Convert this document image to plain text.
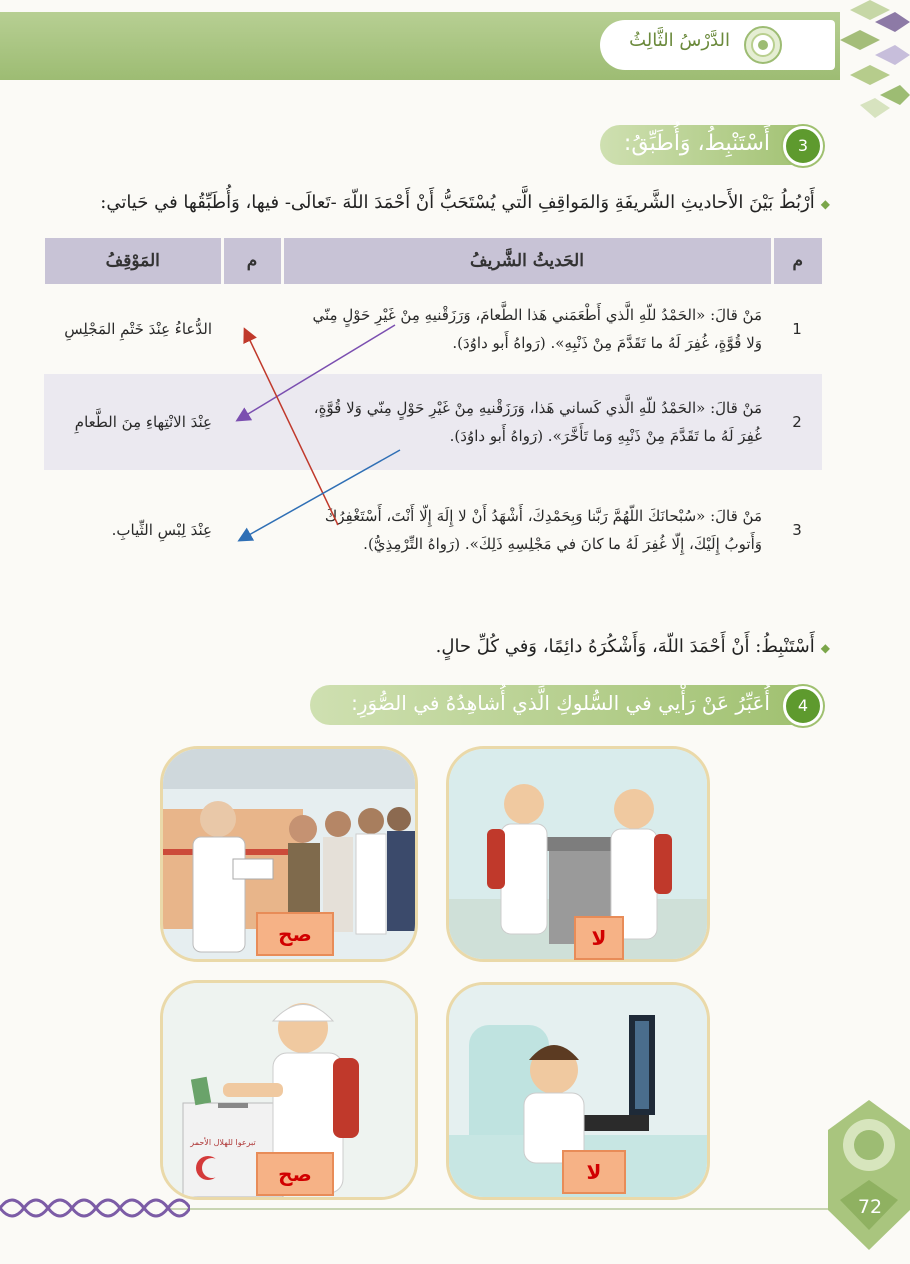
الدَّرْسُ الثَّالِثُ
3
أَسْتَنْبِطُ، وَأُطَبِّقُ:
◆أَرْبُطُ بَيْنَ الأَحاديثِ الشَّريفَةِ وَالمَواقِفِ الَّتي يُسْتَحَبُّ أَنْ أَحْمَدَ اللّهَ -تَعالَى- فيها، وَأُطَبِّقُها في حَياتي:
م	الحَديثُ الشَّريفُ	م	المَوْقِفُ
1	مَنْ قالَ: «الحَمْدُ للّهِ الَّذي أَطْعَمَني هَذا الطَّعامَ، وَرَزَقْنيهِ مِنْ غَيْرِ حَوْلٍ مِنّي وَلا قُوَّةٍ، غُفِرَ لَهُ ما تَقَدَّمَ مِنْ ذَنْبِهِ». (رَواهُ أَبو داوُدَ).		الدُّعاءُ عِنْدَ خَتْمِ المَجْلِسِ
2	مَنْ قالَ: «الحَمْدُ للّهِ الَّذي كَساني هَذا، وَرَزَقْنيهِ مِنْ غَيْرِ حَوْلٍ مِنّي وَلا قُوَّةٍ، غُفِرَ لَهُ ما تَقَدَّمَ مِنْ ذَنْبِهِ وَما تَأَخَّرَ». (رَواهُ أَبو داوُدَ).		عِنْدَ الانْتِهاءِ مِنَ الطَّعامِ
3	مَنْ قالَ: «سُبْحانَكَ اللّهُمَّ رَبَّنا وَبِحَمْدِكَ، أَشْهَدُ أَنْ لا إِلَهَ إِلّا أَنْتَ، أَسْتَغْفِرُكَ وَأَتوبُ إِلَيْكَ، إِلّا غُفِرَ لَهُ ما كانَ في مَجْلِسِهِ ذَلِكَ». (رَواهُ التِّرْمِذِيُّ).		عِنْدَ لِبْسِ الثِّيابِ.
◆أَسْتَنْبِطُ: أَنْ أَحْمَدَ اللّهَ، وَأَشْكُرَهُ دائِمًا، وَفي كُلِّ حالٍ.
4
أُعَبِّرُ عَنْ رَأْيي في السُّلوكِ الَّذي أُشاهِدُهُ في الصُّوَرِ:
لا
صح
لا
صح
تبرعوا للهلال الأحمر
72
